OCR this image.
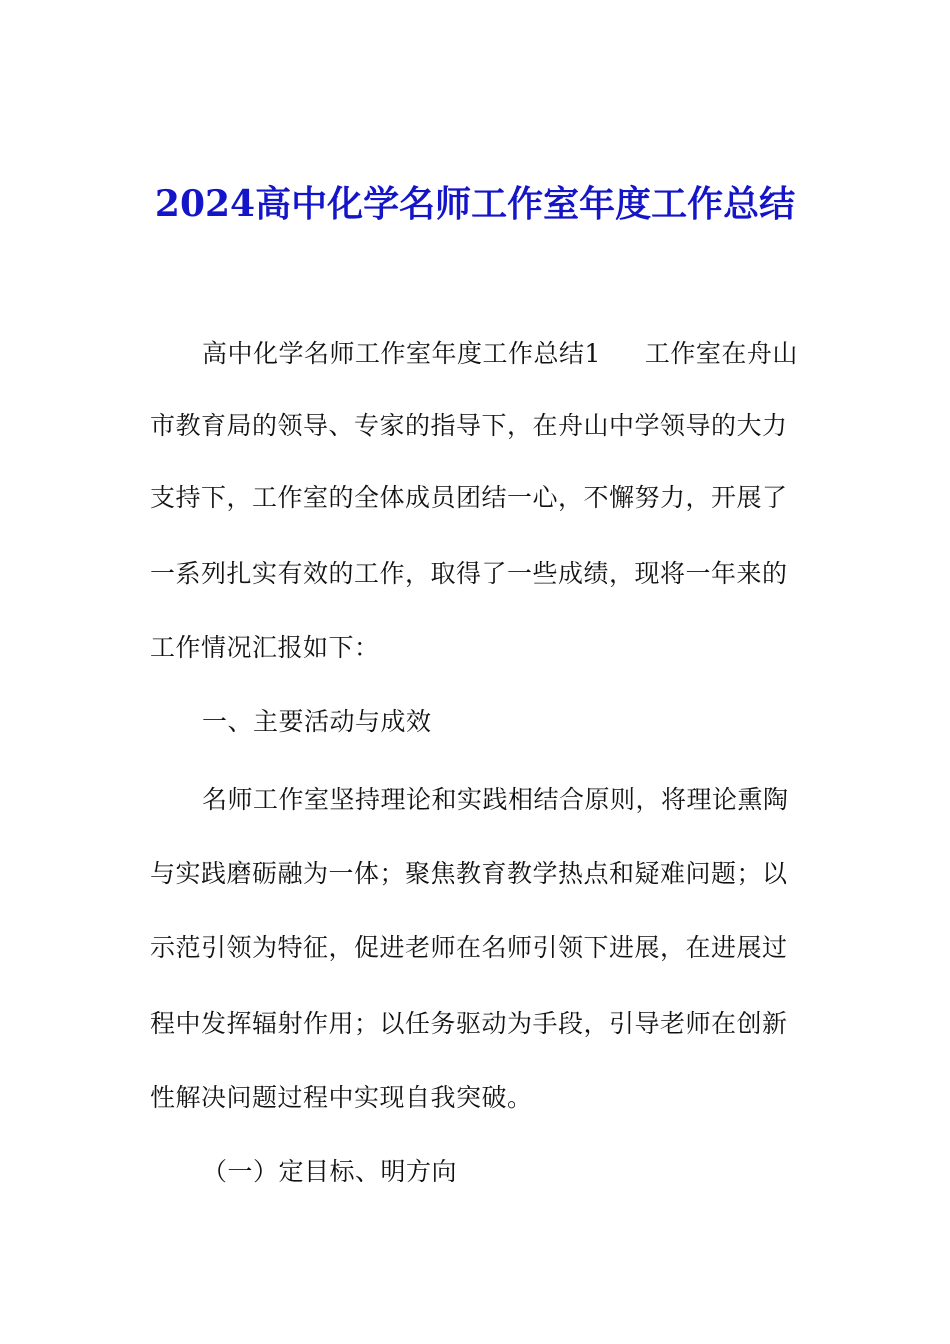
2024高中化学名师工作室年度工作总结
高中化学名师工作室年度工作总结1 工作室在舟山
市教育局的领导、专家的指导下，在舟山中学领导的大力
支持下，工作室的全体成员团结一心，不懈努力，开展了
一系列扎实有效的工作，取得了一些成绩，现将一年来的
工作情况汇报如下：
一、主要活动与成效
名师工作室坚持理论和实践相结合原则，将理论熏陶
与实践磨砺融为一体；聚焦教育教学热点和疑难问题；以
示范引领为特征，促进老师在名师引领下进展，在进展过
程中发挥辐射作用；以任务驱动为手段，引导老师在创新
性解决问题过程中实现自我突破。
（一）定目标、明方向
